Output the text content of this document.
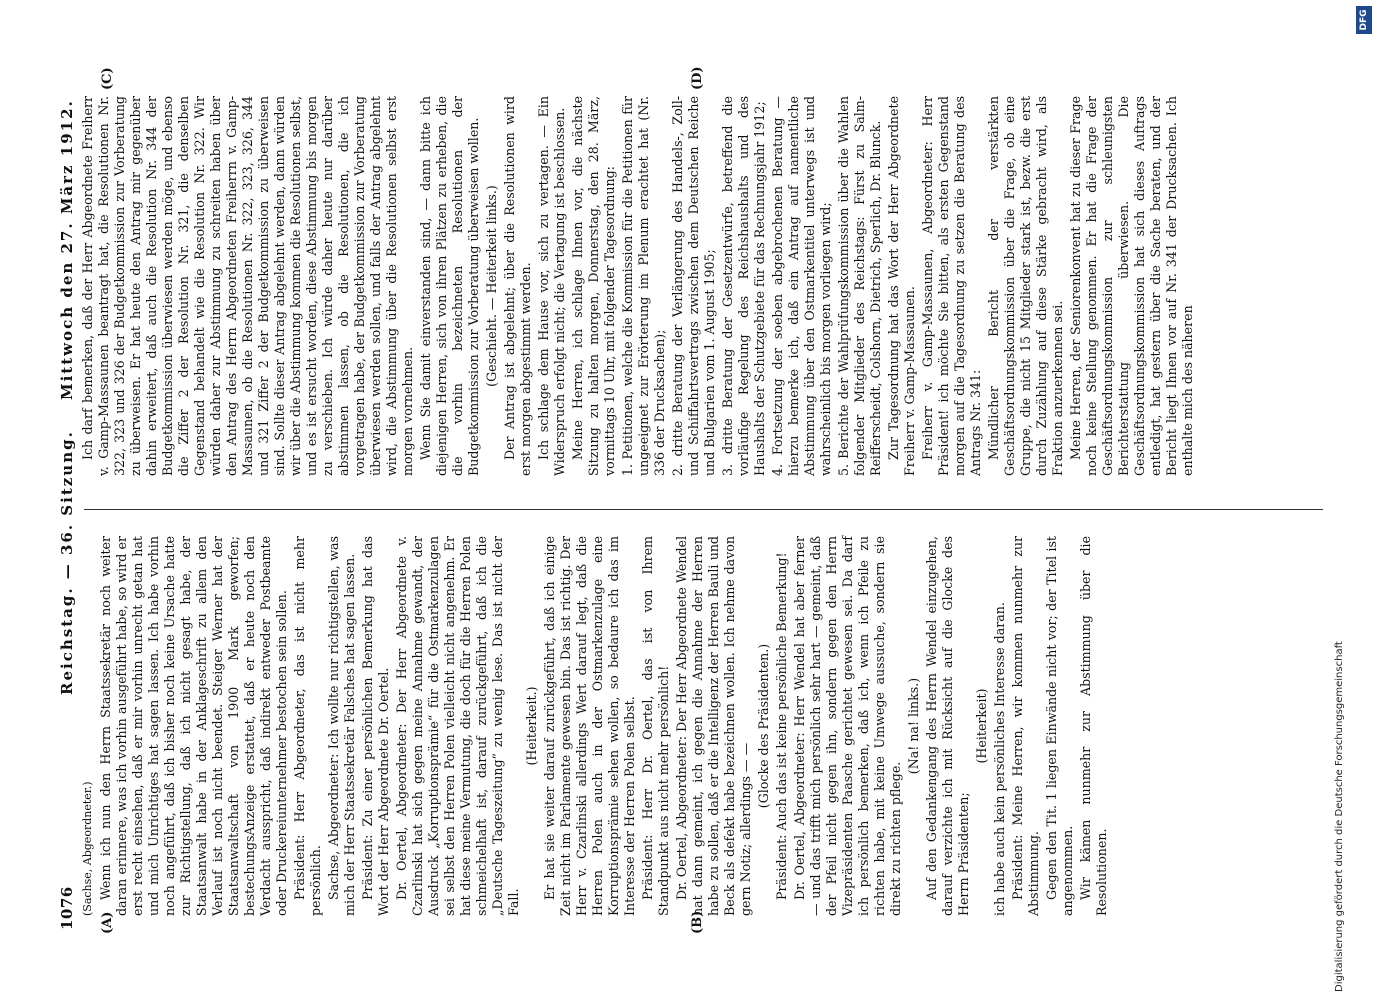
1076
Reichstag. — 36. Sitzung.
Mittwoch den 27. März 1912.
(A)	(B)
(C)	(D)

(Sachse, Abgeordneter.) Wenn ich nun den Herrn Staatssekretär noch weiter daran erinnere, was ich vorhin ausgeführt habe, so wird er erst recht einsehen, daß er mir vorhin unrecht getan hat und mich Unrichtiges hat sagen lassen. Ich habe vorhin noch angeführt, daß ich bisher noch keine Ursache hatte zur Richtigstellung, daß ich nicht gesagt habe, der Staatsanwalt habe in der Anklageschrift zu allem den Verlauf ist noch nicht beendet. Steiger Werner hat der Staatsanwaltschaft von 1900 Mark geworfen; bestechungsAnzeige erstattet, daß er heute noch den Verdacht ausspricht, daß indirekt entweder Postbeamte oder Druckereiunternehmer bestochen sein sollen. Präsident: Herr Abgeordneter, das ist nicht mehr persönlich. Sachse, Abgeordneter: Ich wollte nur richtigstellen, was mich der Herr Staatssekretär Falsches hat sagen lassen. Präsident: Zu einer persönlichen Bemerkung hat das Wort der Herr Abgeordnete Dr. Oertel. Dr. Oertel, Abgeordneter: Der Herr Abgeordnete v. Czarlinski hat sich gegen meine Annahme gewandt, der Ausdruck „Korruptionsprämie“ für die Ostmarkenzulagen sei selbst den Herren Polen vielleicht nicht angenehm. Er hat diese meine Vermutung, die doch für die Herren Polen schmeichelhaft ist, darauf zurückgeführt, daß ich die „Deutsche Tageszeitung“ zu wenig lese. Das ist nicht der Fall.

(Heiterkeit.) Er hat sie weiter darauf zurückgeführt, daß ich einige Zeit nicht im Parlamente gewesen bin. Das ist richtig. Der Herr v. Czarlinski allerdings Wert darauf legt, daß die Herren Polen auch in der Ostmarkenzulage eine Korruptionsprämie sehen wollen, so bedaure ich das im Interesse der Herren Polen selbst. Präsident: Herr Dr. Oertel, das ist von Ihrem Standpunkt aus nicht mehr persönlich! Dr. Oertel, Abgeordneter: Der Herr Abgeordnete Wendel hat dann gemeint, ich gegen die Annahme der Herren habe zu sollen, daß er die Intelligenz der Herren Bauli und Beck als defekt habe bezeichnen wollen. Ich nehme davon gern Notiz; allerdings — —

(Glocke des Präsidenten.) Präsident: Auch das ist keine persönliche Bemerkung! Dr. Oertel, Abgeordneter: Herr Wendel hat aber ferner — und das trifft mich persönlich sehr hart — gemeint, daß der Pfeil nicht gegen ihn, sondern gegen den Herrn Vizepräsidenten Paasche gerichtet gewesen sei. Da darf ich persönlich bemerken, daß ich, wenn ich Pfeile zu richten habe, mit keine Umwege aussuche, sondern sie direkt zu richten pflege.

(Na! na! links.) Auf den Gedankengang des Herrn Wendel einzugehen, darauf verzichte ich mit Rücksicht auf die Glocke des Herrn Präsidenten;

(Heiterkeit) ich habe auch kein persönliches Interesse daran. Präsident: Meine Herren, wir kommen nunmehr zur Abstimmung. Gegen den Tit. 1 liegen Einwände nicht vor; der Titel ist angenommen. Wir kämen nunmehr zur Abstimmung über die Resolutionen.

Ich darf bemerken, daß der Herr Abgeordnete Freiherr v. Gamp-Massaunen beantragt hat, die Resolutionen Nr. 322, 323 und 326 der Budgetkommission zur Vorberatung zu überweisen. Er hat heute den Antrag mir gegenüber dahin erweitert, daß auch die Resolution Nr. 344 der Budgetkommission überwiesen werden möge, und ebenso die Ziffer 2 der Resolution Nr. 321, die denselben Gegenstand behandelt wie die Resolution Nr. 322. Wir würden daher zur Abstimmung zu schreiten haben über den Antrag des Herrn Abgeordneten Freiherrn v. Gamp-Massaunen, ob die Resolutionen Nr. 322, 323, 326, 344 und 321 Ziffer 2 der Budgetkommission zu überweisen sind. Sollte dieser Antrag abgelehnt werden, dann würden wir über die Abstimmung kommen die Resolutionen selbst, und es ist ersucht worden, diese Abstimmung bis morgen zu verschieben. Ich würde daher heute nur darüber abstimmen lassen, ob die Resolutionen, die ich vorgetragen habe, der Budgetkommission zur Vorberatung überwiesen werden sollen, und falls der Antrag abgelehnt wird, die Abstimmung über die Resolutionen selbst erst morgen vornehmen. Wenn Sie damit einverstanden sind, — dann bitte ich diejenigen Herren, sich von ihren Plätzen zu erheben, die die vorhin bezeichneten Resolutionen der Budgetkommission zur Vorberatung überweisen wollen. (Geschieht. — Heiterkeit links.) Der Antrag ist abgelehnt; über die Resolutionen wird erst morgen abgestimmt werden. Ich schlage dem Hause vor, sich zu vertagen. — Ein Widerspruch erfolgt nicht; die Vertagung ist beschlossen. Meine Herren, ich schlage Ihnen vor, die nächste Sitzung zu halten morgen, Donnerstag, den 28. März, vormittags 10 Uhr, mit folgender Tagesordnung: 1. Petitionen, welche die Kommission für die Petitionen für ungeeignet zur Erörterung im Plenum erachtet hat (Nr. 336 der Drucksachen); 2. dritte Beratung der Verlängerung des Handels-, Zoll- und Schiffahrtsvertrags zwischen dem Deutschen Reiche und Bulgarien vom 1. August 1905; 3. dritte Beratung der Gesetzentwürfe, betreffend die vorläufige Regelung des Reichshaushalts und des Haushalts der Schutzgebiete für das Rechnungsjahr 1912; 4. Fortsetzung der soeben abgebrochenen Beratung — hierzu bemerke ich, daß ein Antrag auf namentliche Abstimmung über den Ostmarkentitel unterwegs ist und wahrscheinlich bis morgen vorliegen wird; 5. Berichte der Wahlprüfungskommission über die Wahlen folgender Mitglieder des Reichstags: Fürst zu Salm-Reifferscheidt, Colshorn, Dietrich, Sperlich, Dr. Blunck. Zur Tagesordnung hat das Wort der Herr Abgeordnete Freiherr v. Gamp-Massaunen. Freiherr v. Gamp-Massaunen, Abgeordneter: Herr Präsident! ich möchte Sie bitten, als ersten Gegenstand morgen auf die Tagesordnung zu setzen die Beratung des Antrags Nr. 341: Mündlicher Bericht der verstärkten Geschäftsordnungskommission über die Frage, ob eine Gruppe, die nicht 15 Mitglieder stark ist, bezw. die erst durch Zuzählung auf diese Stärke gebracht wird, als Fraktion anzuerkennen sei. Meine Herren, der Seniorenkonvent hat zu dieser Frage noch keine Stellung genommen. Er hat die Frage der Geschäftsordnungskommission zur schleunigsten Berichterstattung überwiesen. Die Geschäftsordnungskommission hat sich dieses Auftrags entledigt, hat gestern über die Sache beraten, und der Bericht liegt Ihnen vor auf Nr. 341 der Drucksachen. Ich enthalte mich des näheren

Digitalisierung gefördert durch die Deutsche Forschungsgemeinschaft
DFG
